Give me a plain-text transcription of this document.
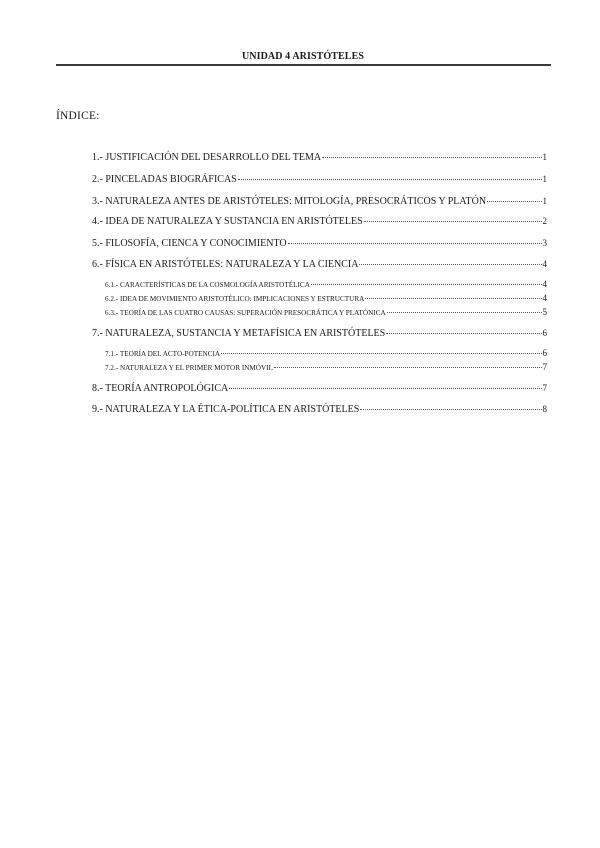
UNIDAD 4 ARISTÓTELES
ÍNDICE:
1.- JUSTIFICACIÓN DEL DESARROLLO DEL TEMA	1
2.- PINCELADAS BIOGRÁFICAS	1
3.- NATURALEZA ANTES DE ARISTÓTELES: MITOLOGÍA, PRESOCRÁTICOS Y PLATÓN	1
4.- IDEA DE NATURALEZA Y SUSTANCIA EN ARISTÓTELES	2
5.- FILOSOFÍA, CIENCA Y CONOCIMIENTO	3
6.- FÍSICA EN ARISTÓTELES: NATURALEZA Y LA CIENCIA	4
6.1.- CARACTERÍSTICAS DE LA COSMOLOGÍA ARISTOTÉLICA	4
6.2.- IDEA DE MOVIMIENTO ARISTOTÉLICO: IMPLICACIONES Y ESTRUCTURA	4
6.3.- TEORÍA DE LAS CUATRO CAUSAS: SUPERACIÓN PRESOCRÁTICA Y PLATÓNICA	5
7.- NATURALEZA, SUSTANCIA Y METAFÍSICA EN ARISTÓTELES	6
7.1.- TEORÍA DEL ACTO-POTENCIA	6
7.2.- NATURALEZA Y EL PRIMER MOTOR INMÓVIL	7
8.- TEORÍA ANTROPOLÓGICA	7
9.- NATURALEZA Y LA ÉTICA-POLÍTICA EN ARISTÓTELES	8
